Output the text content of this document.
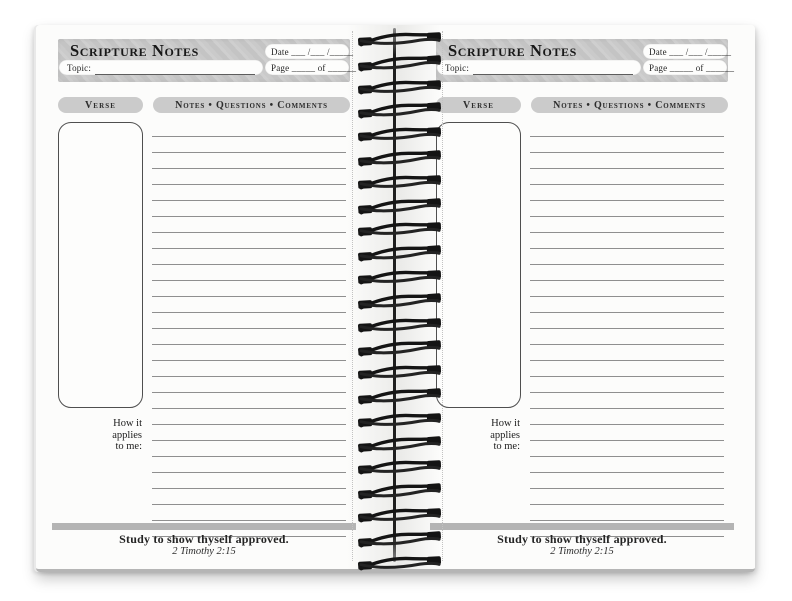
Scripture Notes
Topic:
Date ___ /___ /_____
Page _____ of ______
Verse	Notes • Questions • Comments
How it
applies
to me:
Study to show thyself approved.
2 Timothy 2:15
Scripture Notes
Topic:
Date ___ /___ /_____
Page _____ of ______
Verse	Notes • Questions • Comments
How it
applies
to me:
Study to show thyself approved.
2 Timothy 2:15
